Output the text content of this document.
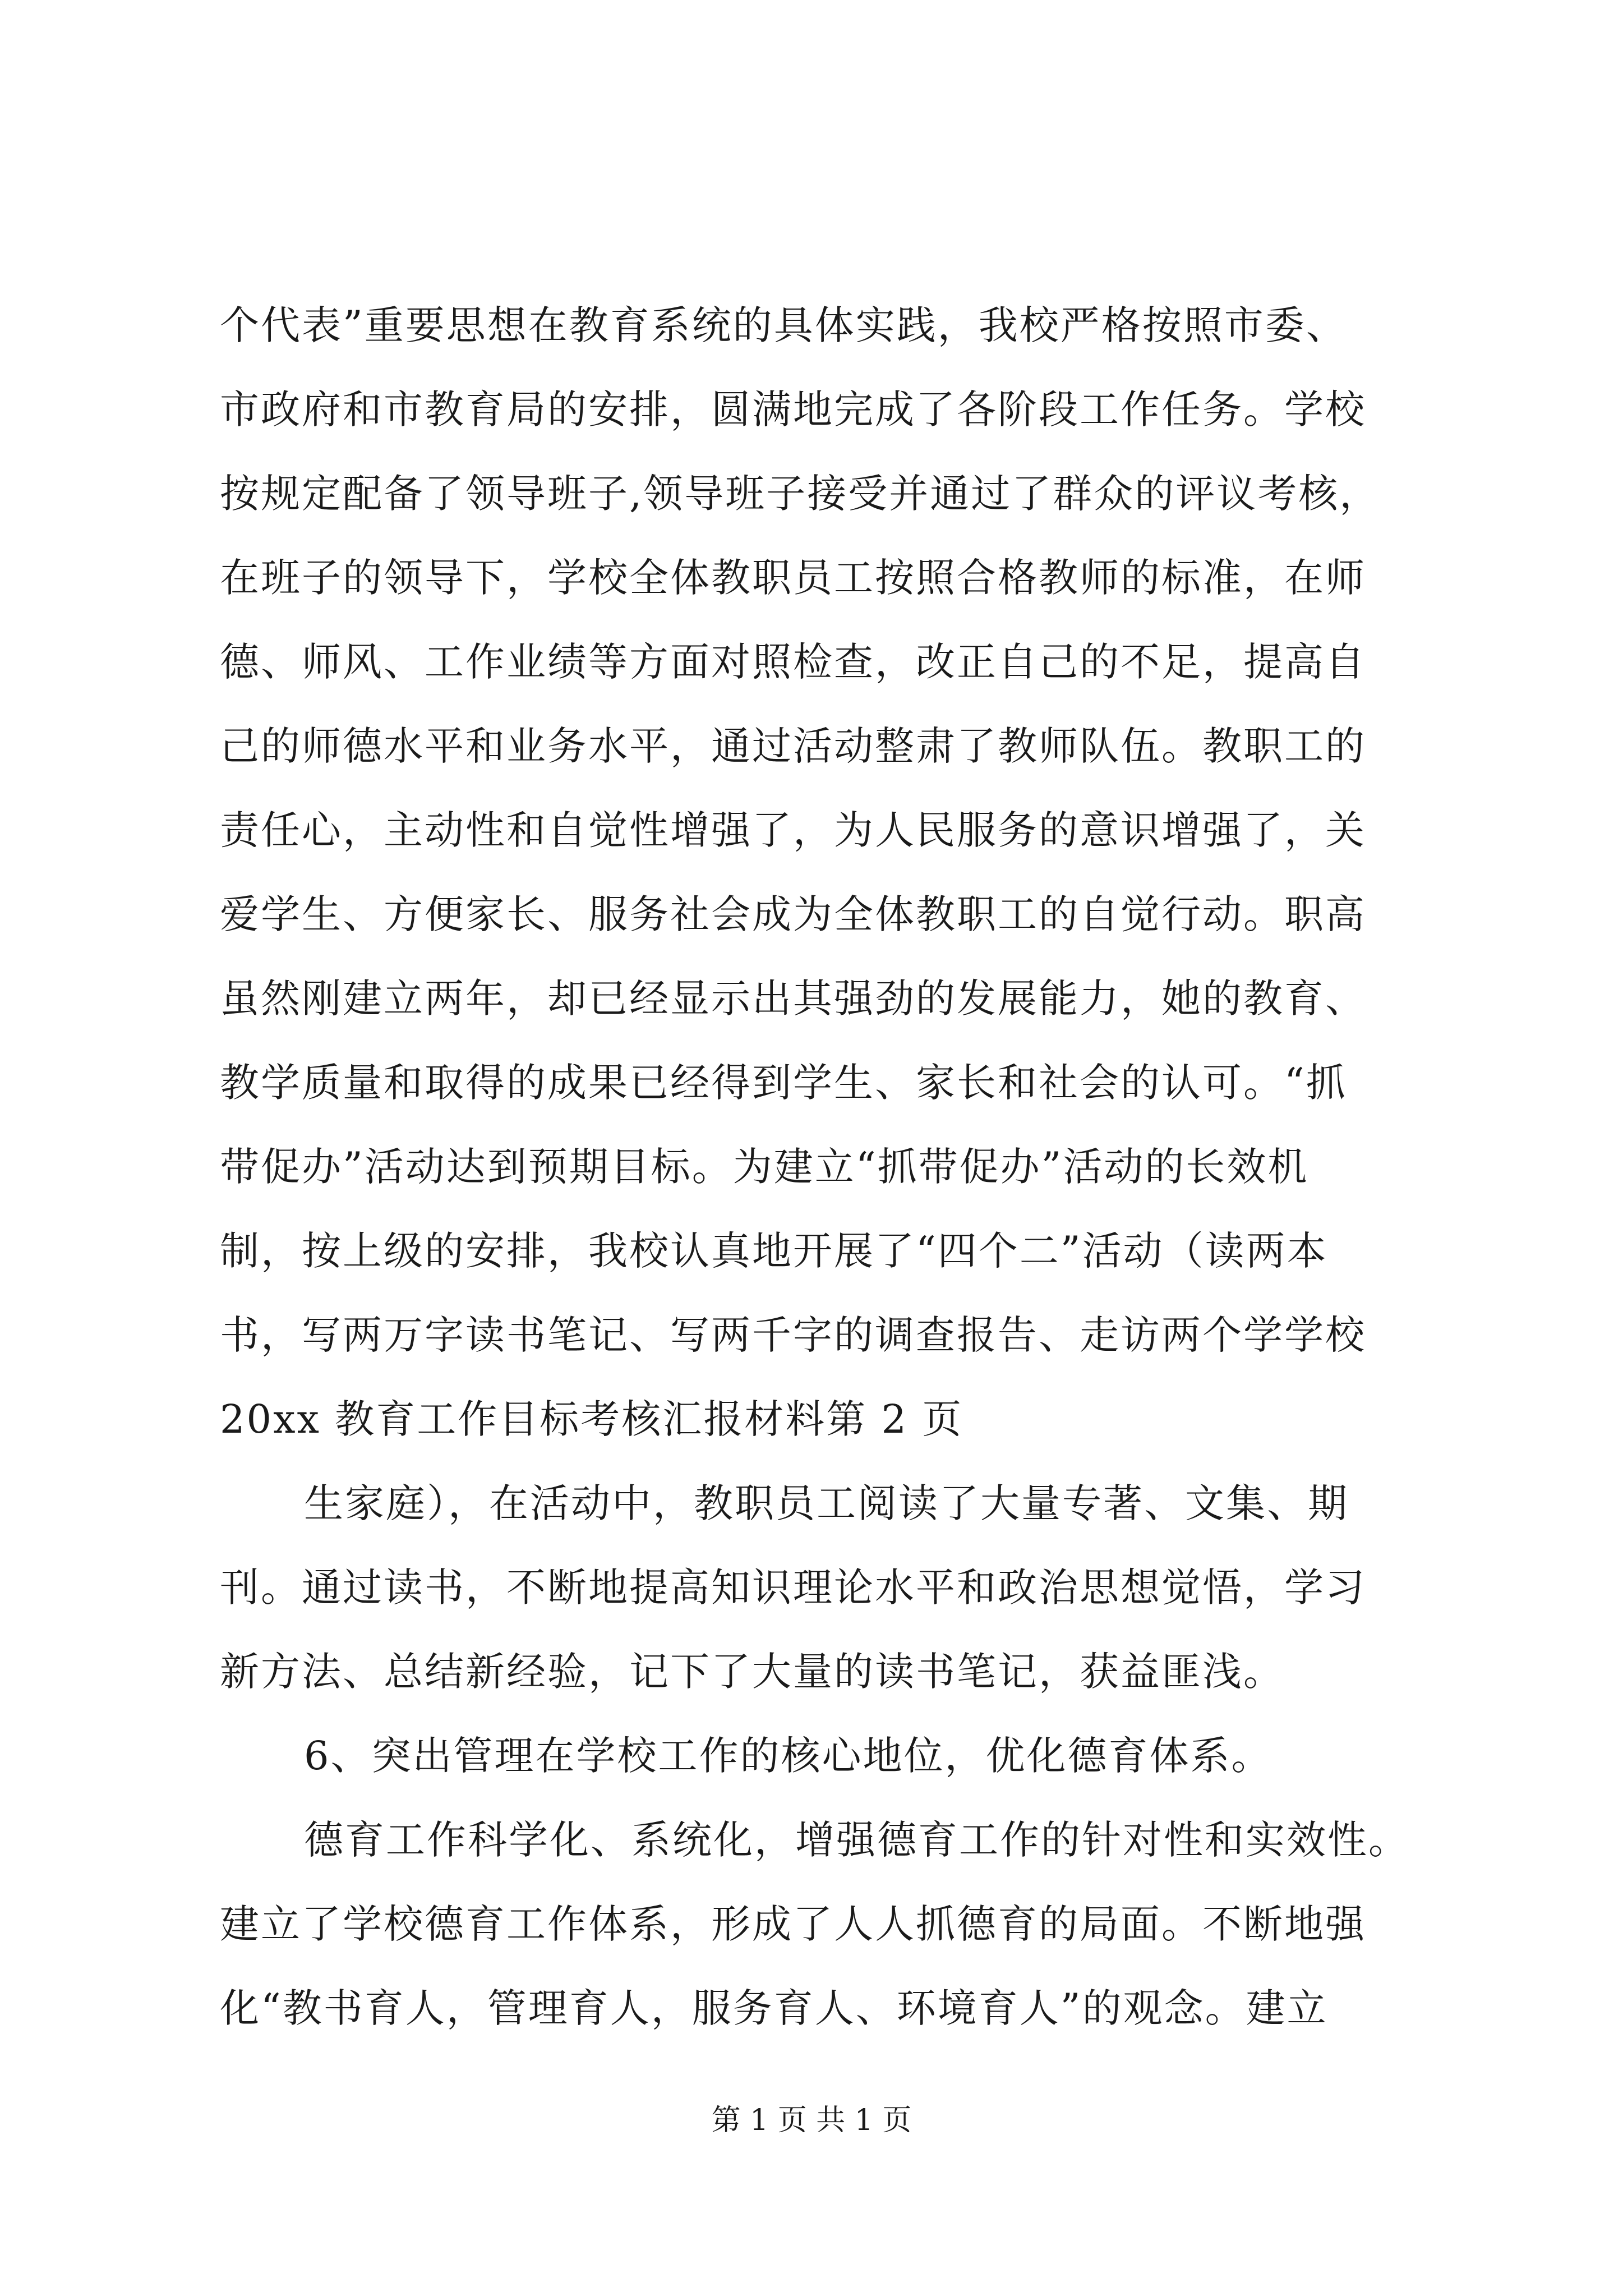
个代表”重要思想在教育系统的具体实践，我校严格按照市委、
市政府和市教育局的安排，圆满地完成了各阶段工作任务。学校
按规定配备了领导班子,领导班子接受并通过了群众的评议考核，
在班子的领导下，学校全体教职员工按照合格教师的标准，在师
德、师风、工作业绩等方面对照检查，改正自己的不足，提高自
己的师德水平和业务水平，通过活动整肃了教师队伍。教职工的
责任心，主动性和自觉性增强了，为人民服务的意识增强了，关
爱学生、方便家长、服务社会成为全体教职工的自觉行动。职高
虽然刚建立两年，却已经显示出其强劲的发展能力，她的教育、
教学质量和取得的成果已经得到学生、家长和社会的认可。“抓
带促办”活动达到预期目标。为建立“抓带促办”活动的长效机
制，按上级的安排，我校认真地开展了“四个二”活动（读两本
书，写两万字读书笔记、写两千字的调查报告、走访两个学学校
20xx 教育工作目标考核汇报材料第 2 页
生家庭），在活动中，教职员工阅读了大量专著、文集、期
刊。通过读书，不断地提高知识理论水平和政治思想觉悟，学习
新方法、总结新经验，记下了大量的读书笔记，获益匪浅。
6、突出管理在学校工作的核心地位，优化德育体系。
德育工作科学化、系统化，增强德育工作的针对性和实效性。
建立了学校德育工作体系，形成了人人抓德育的局面。不断地强
化“教书育人，管理育人，服务育人、环境育人”的观念。建立
第 1 页 共 1 页
